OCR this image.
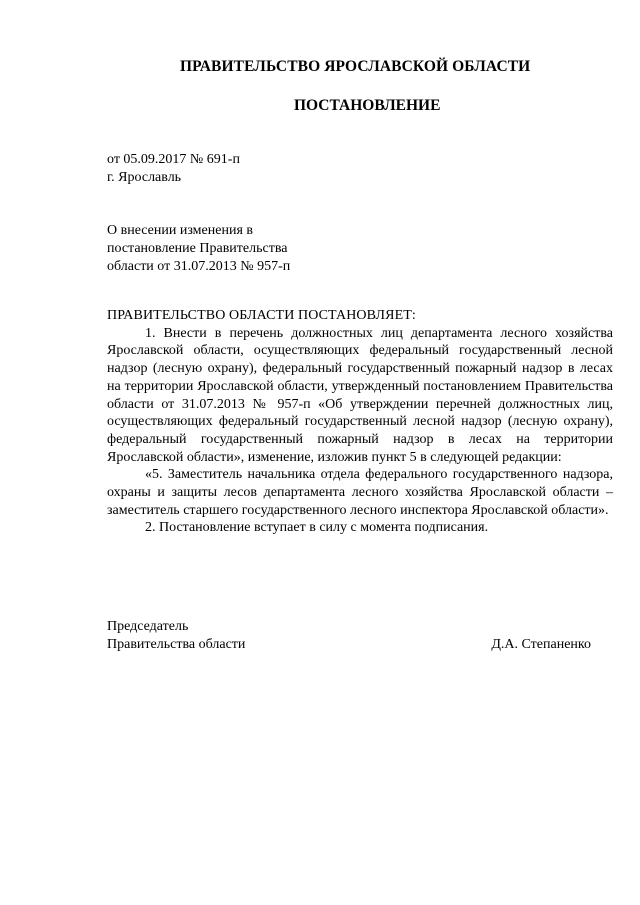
ПРАВИТЕЛЬСТВО ЯРОСЛАВСКОЙ ОБЛАСТИ
ПОСТАНОВЛЕНИЕ
от 05.09.2017 № 691-п
г. Ярославль
О внесении изменения в
постановление Правительства
области от 31.07.2013 № 957-п
ПРАВИТЕЛЬСТВО ОБЛАСТИ ПОСТАНОВЛЯЕТ:

1. Внести в перечень должностных лиц департамента лесного хозяйства Ярославской области, осуществляющих федеральный государственный лесной надзор (лесную охрану), федеральный государственный пожарный надзор в лесах на территории Ярославской области, утвержденный постановлением Правительства области от 31.07.2013 № 957-п «Об утверждении перечней должностных лиц, осуществляющих федеральный государственный лесной надзор (лесную охрану), федеральный государственный пожарный надзор в лесах на территории Ярославской области», изменение, изложив пункт 5 в следующей редакции:

«5. Заместитель начальника отдела федерального государственного надзора, охраны и защиты лесов департамента лесного хозяйства Ярославской области – заместитель старшего государственного лесного инспектора Ярославской области».

2. Постановление вступает в силу с момента подписания.

Председатель
Правительства области	Д.А. Степаненко
